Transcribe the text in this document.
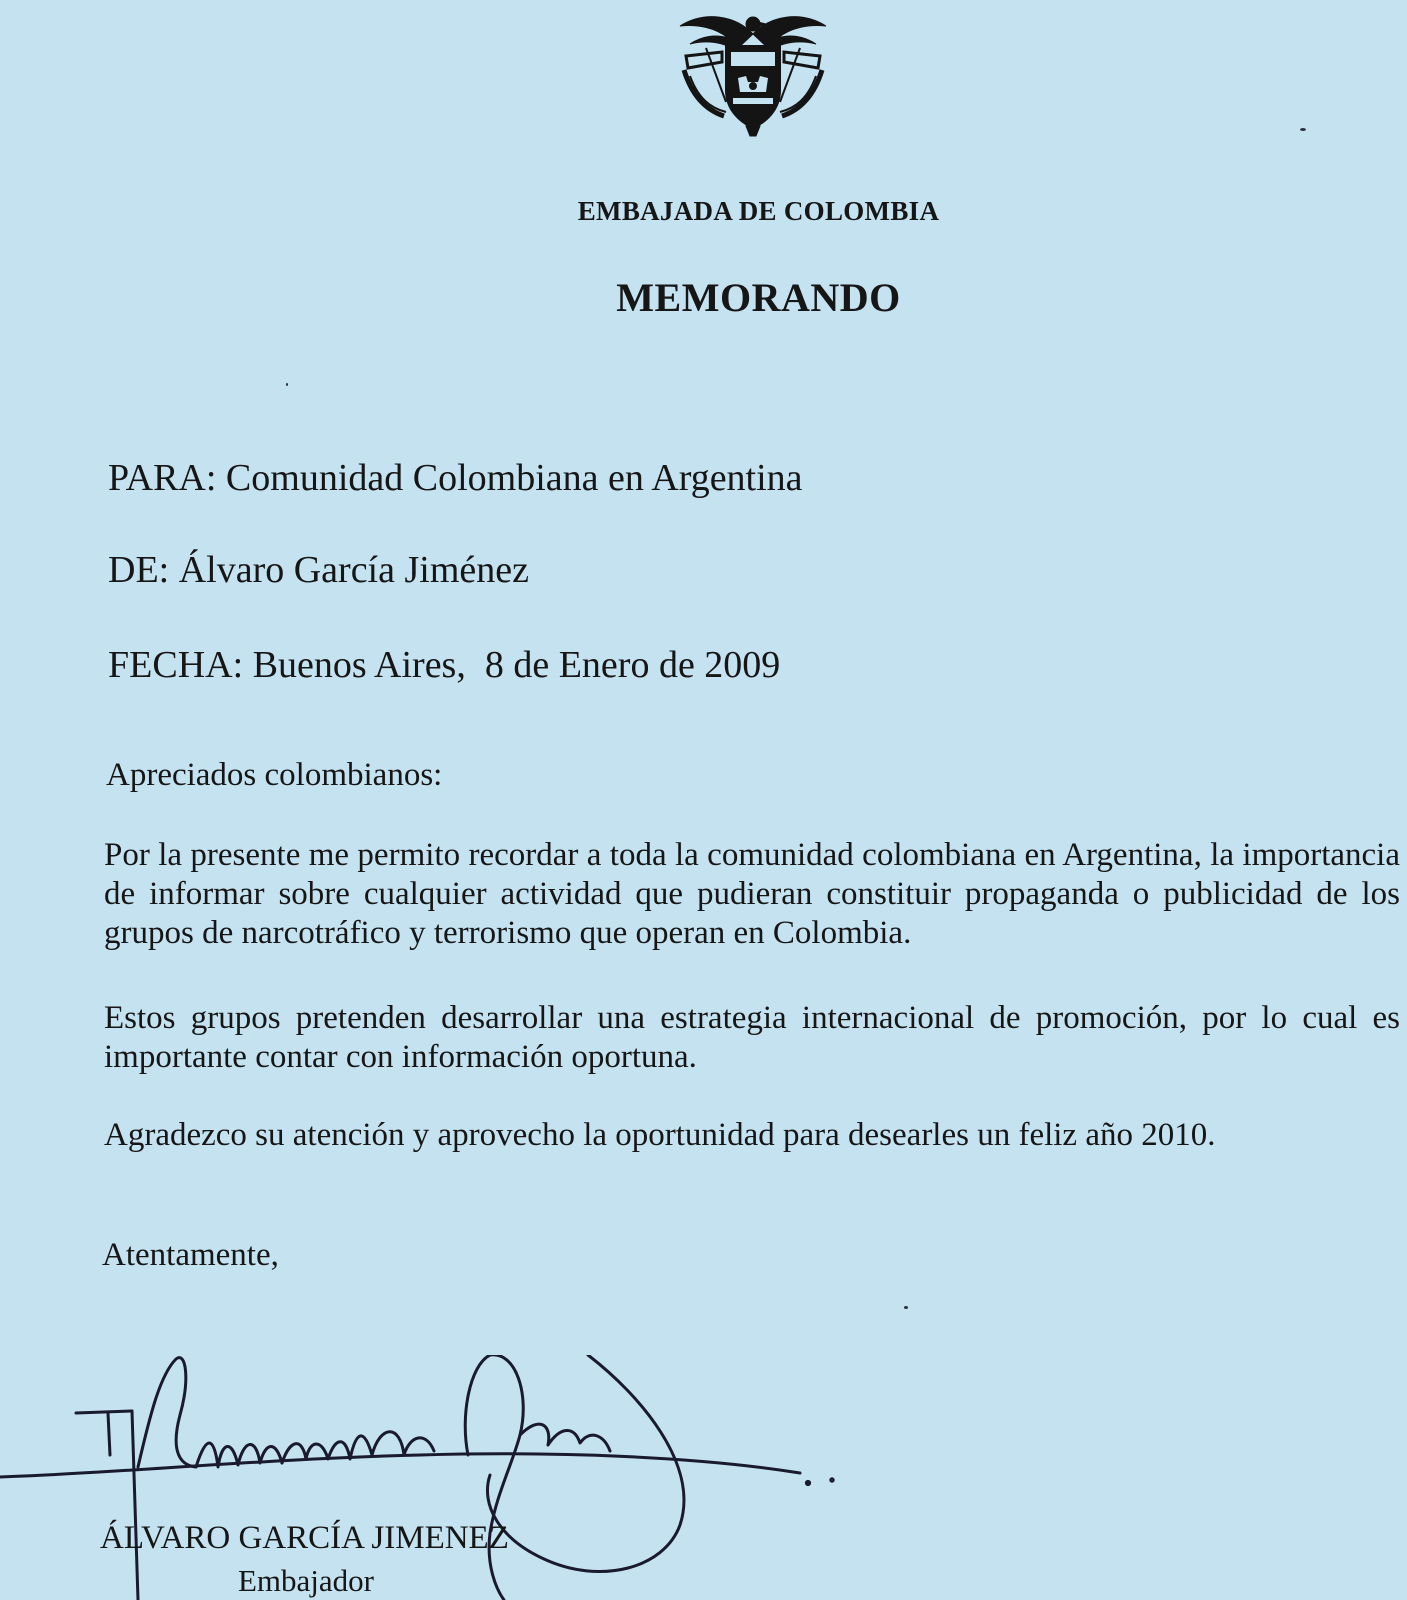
EMBAJADA DE COLOMBIA
MEMORANDO
PARA: Comunidad Colombiana en Argentina
DE: Álvaro García Jiménez
FECHA: Buenos Aires,  8 de Enero de 2009
Apreciados colombianos:
Por la presente me permito recordar a toda la comunidad colombiana en Argentina, la importancia de informar sobre cualquier actividad que pudieran constituir propaganda o publicidad de los grupos de narcotráfico y terrorismo que operan en Colombia.
Estos grupos pretenden desarrollar una estrategia internacional de promoción, por lo cual es importante contar con información oportuna.
Agradezco su atención y aprovecho la oportunidad para desearles un feliz año 2010.
Atentamente,
ÁLVARO GARCÍA JIMENEZ
Embajador
